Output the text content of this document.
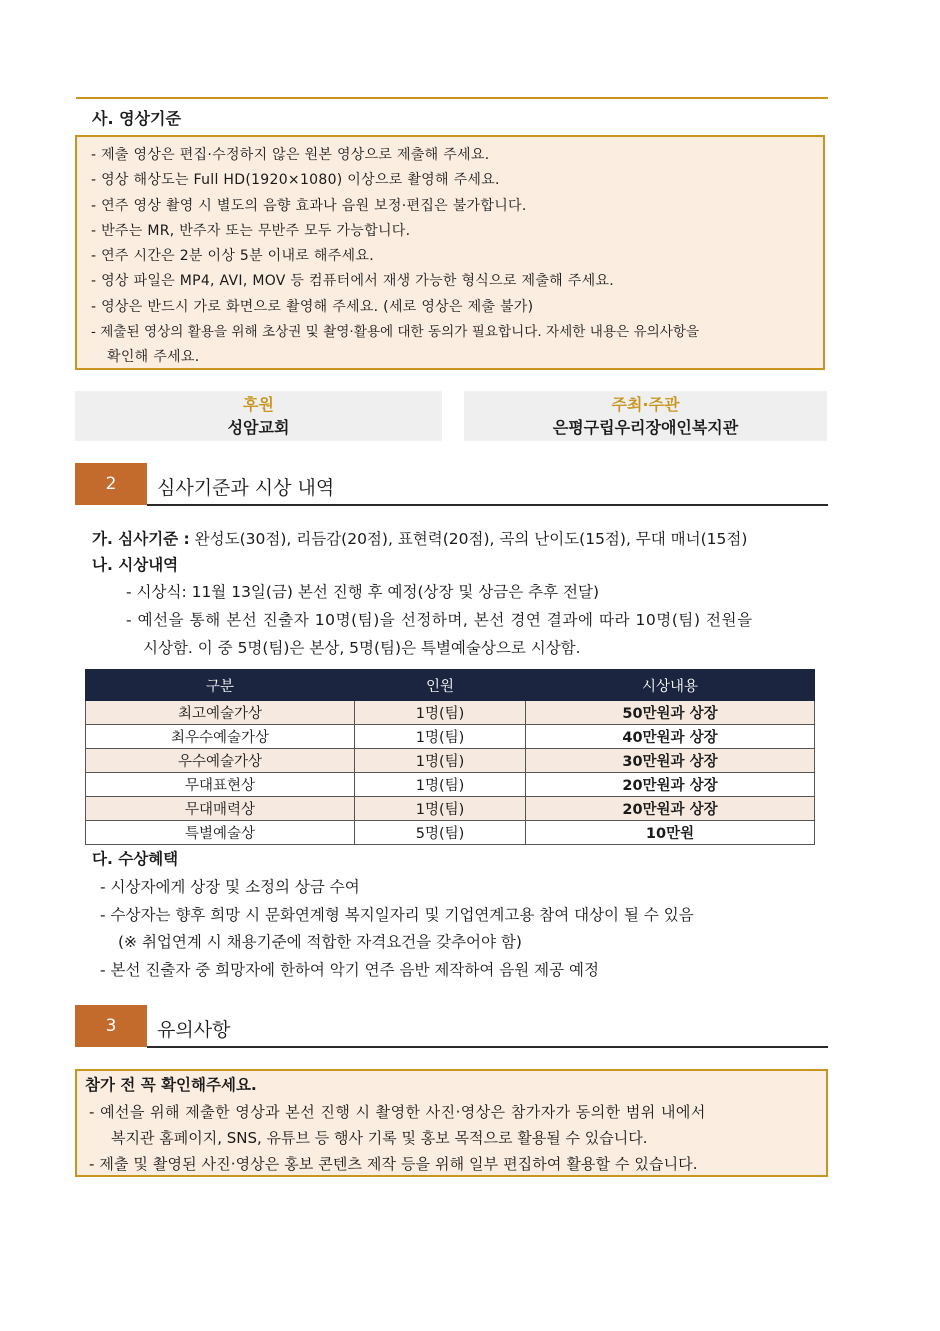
사. 영상기준
- 제출 영상은 편집·수정하지 않은 원본 영상으로 제출해 주세요.
- 영상 해상도는 Full HD(1920×1080) 이상으로 촬영해 주세요.
- 연주 영상 촬영 시 별도의 음향 효과나 음원 보정·편집은 불가합니다.
- 반주는 MR, 반주자 또는 무반주 모두 가능합니다.
- 연주 시간은 2분 이상 5분 이내로 해주세요.
- 영상 파일은 MP4, AVI, MOV 등 컴퓨터에서 재생 가능한 형식으로 제출해 주세요.
- 영상은 반드시 가로 화면으로 촬영해 주세요. (세로 영상은 제출 불가)
- 제출된 영상의 활용을 위해 초상권 및 촬영·활용에 대한 동의가 필요합니다. 자세한 내용은 유의사항을
확인해 주세요.
후원
성암교회
주최·주관
은평구립우리장애인복지관
2	심사기준과 시상 내역
가. 심사기준 : 완성도(30점), 리듬감(20점), 표현력(20점), 곡의 난이도(15점), 무대 매너(15점)
나. 시상내역
- 시상식: 11월 13일(금) 본선 진행 후 예정(상장 및 상금은 추후 전달)
- 예선을 통해 본선 진출자 10명(팀)을 선정하며, 본선 경연 결과에 따라 10명(팀) 전원을
시상함. 이 중 5명(팀)은 본상, 5명(팀)은 특별예술상으로 시상함.
구분	인원	시상내용
최고예술가상	1명(팀)	50만원과 상장
최우수예술가상	1명(팀)	40만원과 상장
우수예술가상	1명(팀)	30만원과 상장
무대표현상	1명(팀)	20만원과 상장
무대매력상	1명(팀)	20만원과 상장
특별예술상	5명(팀)	10만원
다. 수상혜택
- 시상자에게 상장 및 소정의 상금 수여
- 수상자는 향후 희망 시 문화연계형 복지일자리 및 기업연계고용 참여 대상이 될 수 있음
(※ 취업연계 시 채용기준에 적합한 자격요건을 갖추어야 함)
- 본선 진출자 중 희망자에 한하여 악기 연주 음반 제작하여 음원 제공 예정
3	유의사항
참가 전 꼭 확인해주세요.
- 예선을 위해 제출한 영상과 본선 진행 시 촬영한 사진·영상은 참가자가 동의한 범위 내에서
복지관 홈페이지, SNS, 유튜브 등 행사 기록 및 홍보 목적으로 활용될 수 있습니다.
- 제출 및 촬영된 사진·영상은 홍보 콘텐츠 제작 등을 위해 일부 편집하여 활용할 수 있습니다.
